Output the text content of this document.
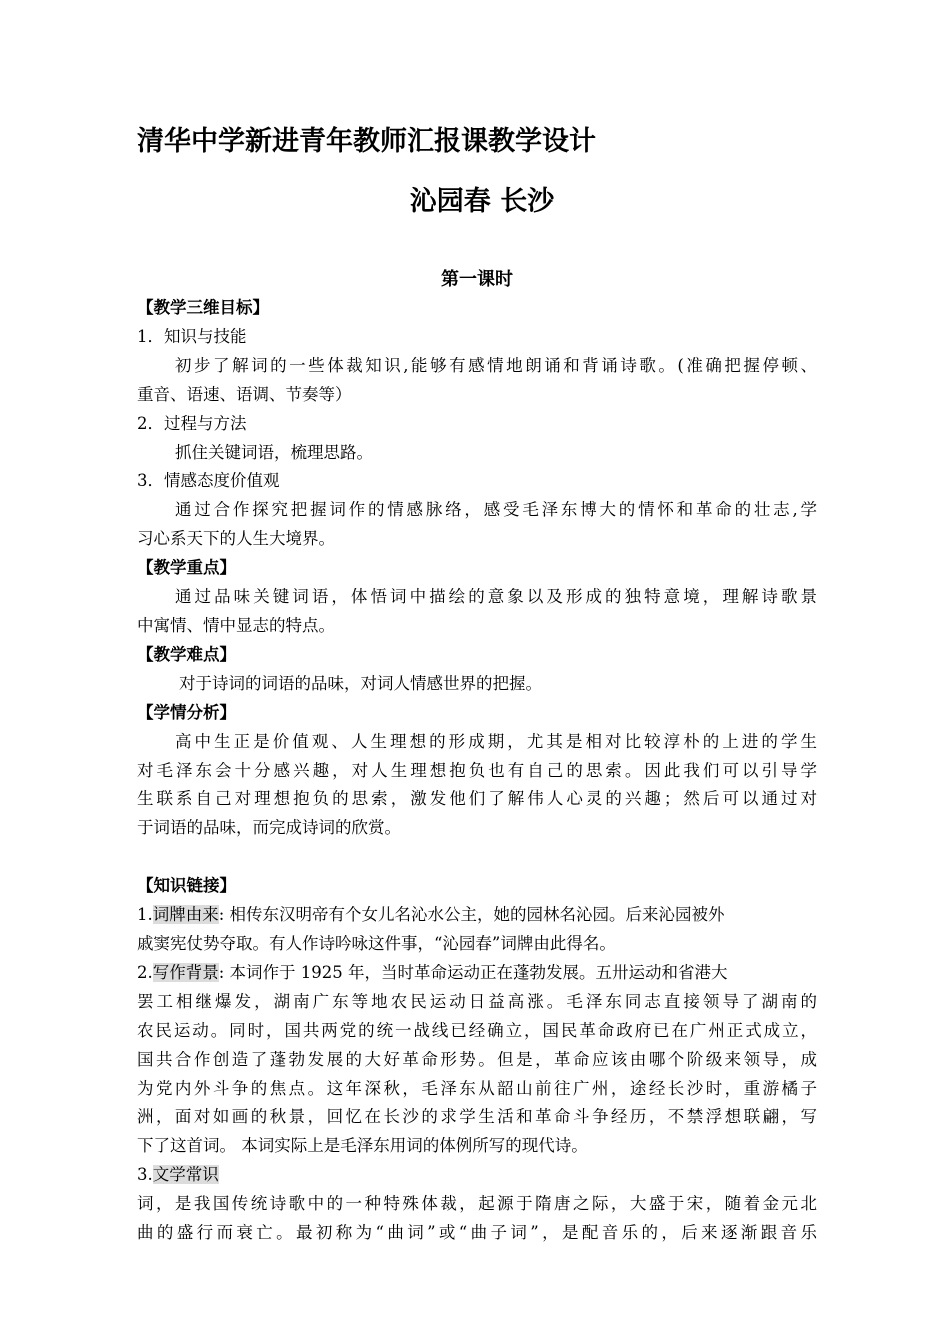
清华中学新进青年教师汇报课教学设计
沁园春 长沙
第一课时

【教学三维目标】

1．知识与技能

初步了解词的一些体裁知识,能够有感情地朗诵和背诵诗歌。(准确把握停顿、

重音、语速、语调、节奏等）

2．过程与方法

抓住关键词语，梳理思路。

3．情感态度价值观

通过合作探究把握词作的情感脉络，感受毛泽东博大的情怀和革命的壮志,学

习心系天下的人生大境界。

【教学重点】

通过品味关键词语，体悟词中描绘的意象以及形成的独特意境，理解诗歌景

中寓情、情中显志的特点。

【教学难点】

对于诗词的词语的品味，对词人情感世界的把握。

【学情分析】

高中生正是价值观、人生理想的形成期，尤其是相对比较淳朴的上进的学生

对毛泽东会十分感兴趣，对人生理想抱负也有自己的思索。因此我们可以引导学

生联系自己对理想抱负的思索，激发他们了解伟人心灵的兴趣；然后可以通过对

于词语的品味，而完成诗词的欣赏。

【知识链接】

1.词牌由来: 相传东汉明帝有个女儿名沁水公主，她的园林名沁园。后来沁园被外

戚窦宪仗势夺取。有人作诗吟咏这件事，“沁园春”词牌由此得名。

2.写作背景: 本词作于 1925 年，当时革命运动正在蓬勃发展。五卅运动和省港大

罢工相继爆发，湖南广东等地农民运动日益高涨。毛泽东同志直接领导了湖南的

农民运动。同时，国共两党的统一战线已经确立，国民革命政府已在广州正式成立，

国共合作创造了蓬勃发展的大好革命形势。但是，革命应该由哪个阶级来领导，成

为党内外斗争的焦点。这年深秋，毛泽东从韶山前往广州，途经长沙时，重游橘子

洲，面对如画的秋景，回忆在长沙的求学生活和革命斗争经历，不禁浮想联翩，写

下了这首词。 本词实际上是毛泽东用词的体例所写的现代诗。

3.文学常识

词，是我国传统诗歌中的一种特殊体裁，起源于隋唐之际，大盛于宋，随着金元北

曲的盛行而衰亡。最初称为“曲词”或“曲子词”，是配音乐的，后来逐渐跟音乐
